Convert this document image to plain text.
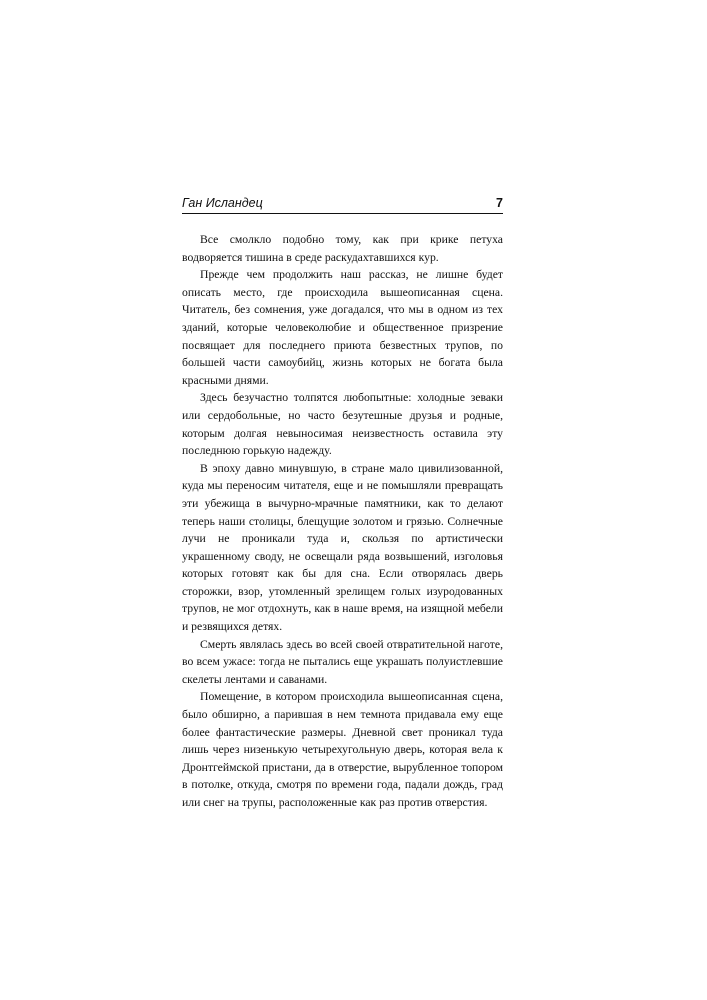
Ган Исландец	7

Все смолкло подобно тому, как при крике петуха водворяется тишина в среде раскудахтавшихся кур.

Прежде чем продолжить наш рассказ, не лишне будет описать место, где происходила вышеописанная сцена. Читатель, без сомнения, уже догадался, что мы в одном из тех зданий, которые человеколюбие и общественное призрение посвящает для последнего приюта безвестных трупов, по большей части самоубийц, жизнь которых не богата была красными днями.

Здесь безучастно толпятся любопытные: холодные зеваки или сердобольные, но часто безутешные друзья и родные, которым долгая невыносимая неизвестность оставила эту последнюю горькую надежду.

В эпоху давно минувшую, в стране мало цивилизованной, куда мы переносим читателя, еще и не помышляли превращать эти убежища в вычурно-мрачные памятники, как то делают теперь наши столицы, блещущие золотом и грязью. Солнечные лучи не проникали туда и, скользя по артистически украшенному своду, не освещали ряда возвышений, изголовья которых готовят как бы для сна. Если отворялась дверь сторожки, взор, утомленный зрелищем голых изуродованных трупов, не мог отдохнуть, как в наше время, на изящной мебели и резвящихся детях.

Смерть являлась здесь во всей своей отвратительной наготе, во всем ужасе: тогда не пытались еще украшать полуистлевшие скелеты лентами и саванами.

Помещение, в котором происходила вышеописанная сцена, было обширно, а парившая в нем темнота придавала ему еще более фантастические размеры. Дневной свет проникал туда лишь через низенькую четырехугольную дверь, которая вела к Дронтгеймской пристани, да в отверстие, вырубленное топором в потолке, откуда, смотря по времени года, падали дождь, град или снег на трупы, расположенные как раз против отверстия.
